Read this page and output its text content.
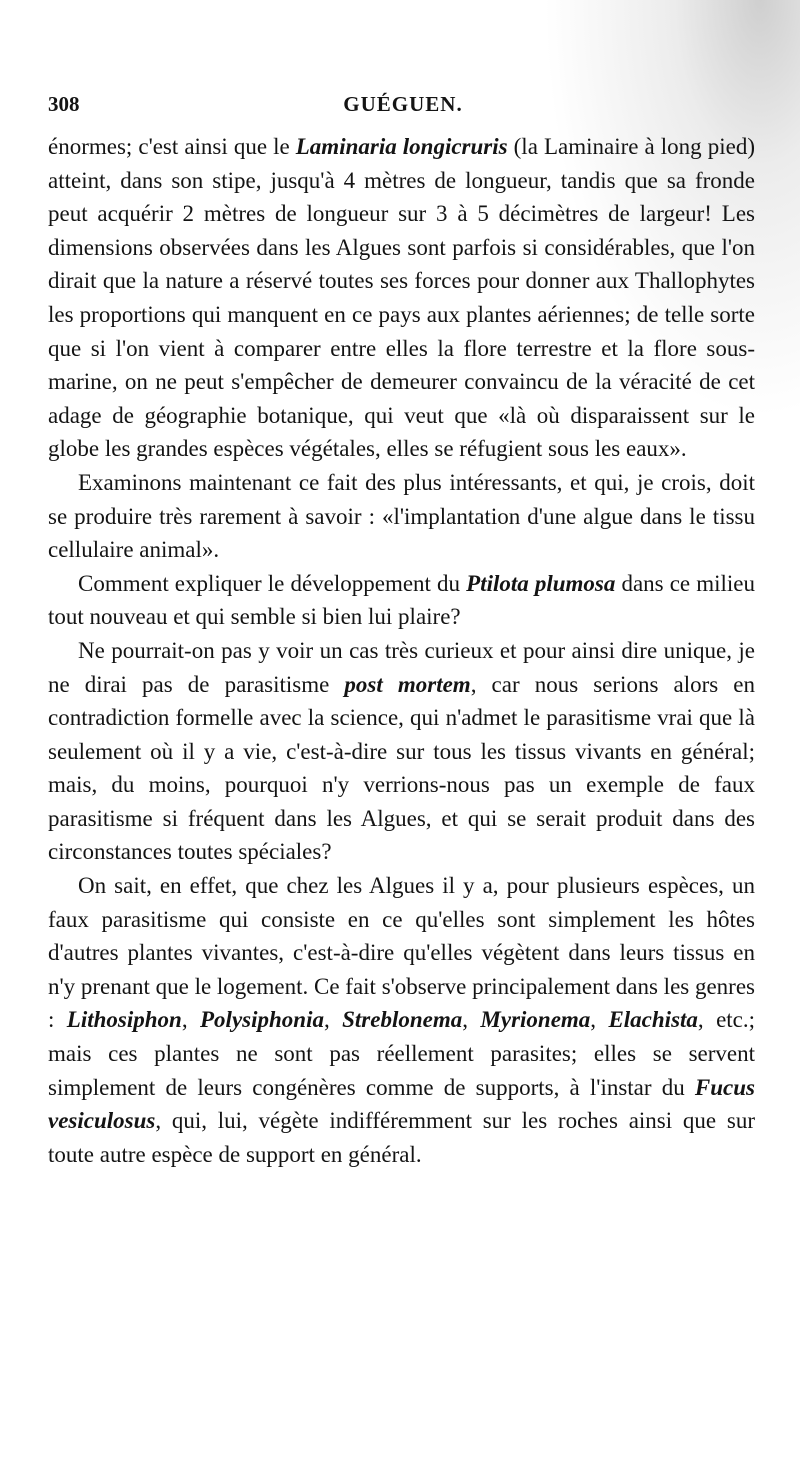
308	GUÉGUEN.

énormes; c'est ainsi que le Laminaria longicruris (la Laminaire à long pied) atteint, dans son stipe, jusqu'à 4 mètres de longueur, tandis que sa fronde peut acquérir 2 mètres de longueur sur 3 à 5 décimètres de largeur! Les dimensions observées dans les Algues sont parfois si considérables, que l'on dirait que la nature a réservé toutes ses forces pour donner aux Thallophytes les proportions qui manquent en ce pays aux plantes aériennes; de telle sorte que si l'on vient à comparer entre elles la flore terrestre et la flore sous-marine, on ne peut s'empêcher de demeurer convaincu de la véracité de cet adage de géographie botanique, qui veut que «là où disparaissent sur le globe les grandes espèces végétales, elles se réfugient sous les eaux».

Examinons maintenant ce fait des plus intéressants, et qui, je crois, doit se produire très rarement à savoir : «l'implantation d'une algue dans le tissu cellulaire animal».

Comment expliquer le développement du Ptilota plumosa dans ce milieu tout nouveau et qui semble si bien lui plaire?

Ne pourrait-on pas y voir un cas très curieux et pour ainsi dire unique, je ne dirai pas de parasitisme post mortem, car nous serions alors en contradiction formelle avec la science, qui n'admet le parasitisme vrai que là seulement où il y a vie, c'est-à-dire sur tous les tissus vivants en général; mais, du moins, pourquoi n'y verrions-nous pas un exemple de faux parasitisme si fréquent dans les Algues, et qui se serait produit dans des circonstances toutes spéciales?

On sait, en effet, que chez les Algues il y a, pour plusieurs espèces, un faux parasitisme qui consiste en ce qu'elles sont simplement les hôtes d'autres plantes vivantes, c'est-à-dire qu'elles végètent dans leurs tissus en n'y prenant que le logement. Ce fait s'observe principalement dans les genres : Lithosiphon, Polysiphonia, Streblonema, Myrionema, Elachista, etc.; mais ces plantes ne sont pas réellement parasites; elles se servent simplement de leurs congénères comme de supports, à l'instar du Fucus vesiculosus, qui, lui, végète indifféremment sur les roches ainsi que sur toute autre espèce de support en général.
